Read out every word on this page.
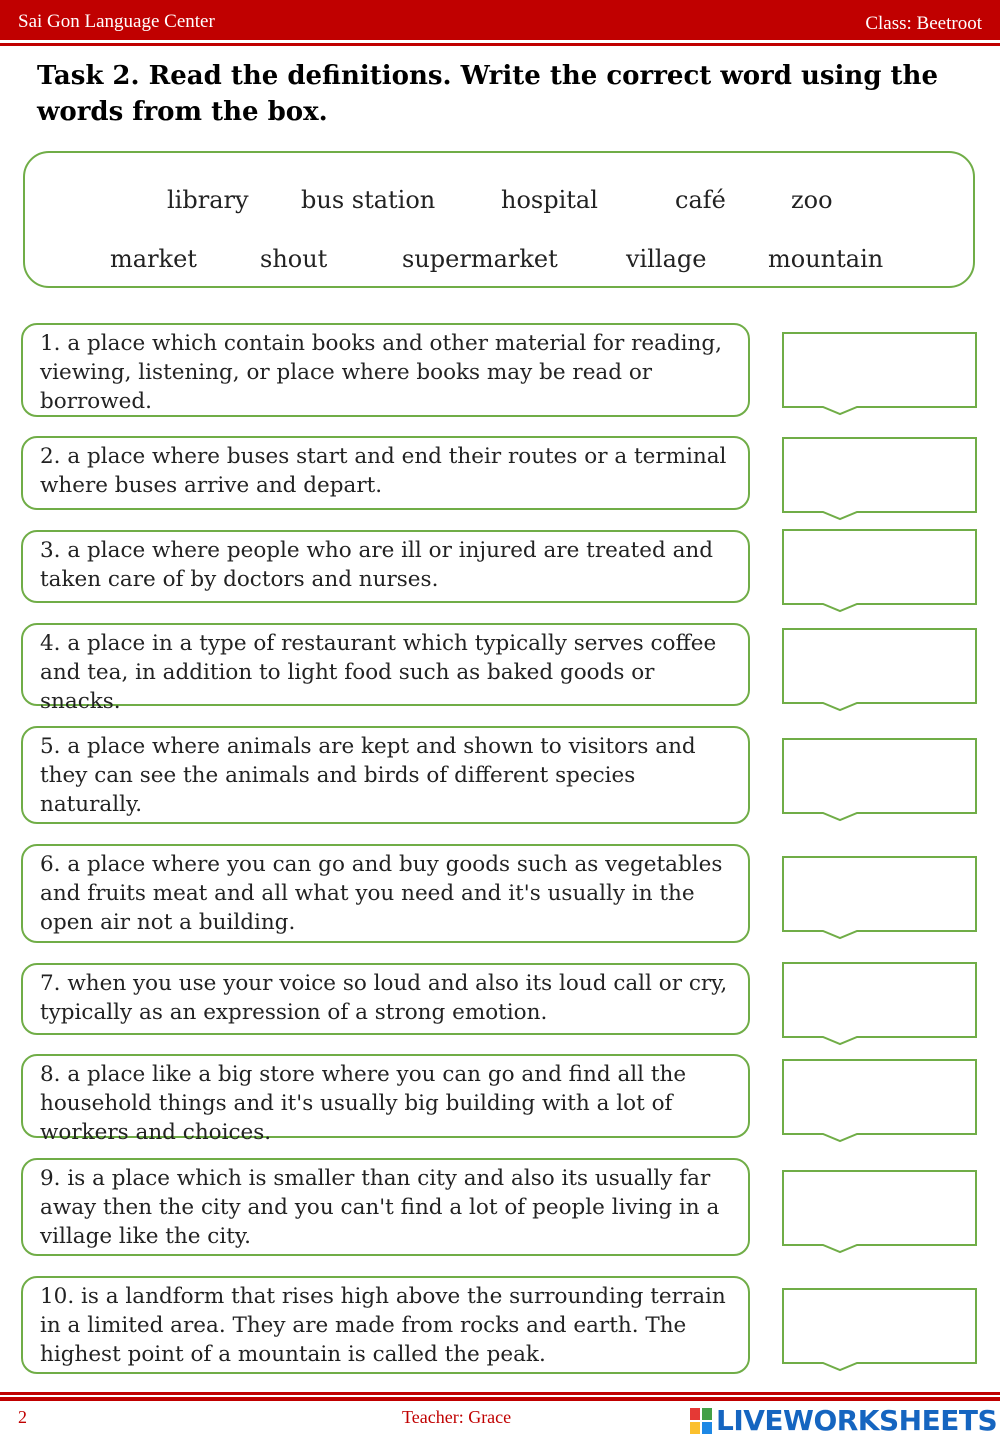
Sai Gon Language Center	Class: Beetroot
Task 2. Read the definitions. Write the correct word using the words from the box.
library bus station	hospital	café	zoo
market	shout	supermarket	village	mountain
1. a place which contain books and other material for reading, viewing, listening, or place where books may be read or borrowed.
2. a place where buses start and end their routes or a terminal where buses arrive and depart.
3. a place where people who are ill or injured are treated and taken care of by doctors and nurses.
4. a place in a type of restaurant which typically serves coffee and tea, in addition to light food such as baked goods or snacks.
5. a place where animals are kept and shown to visitors and they can see the animals and birds of different species naturally.
6. a place where you can go and buy goods such as vegetables and fruits meat and all what you need and it's usually in the open air not a building.
7. when you use your voice so loud and also its loud call or cry, typically as an expression of a strong emotion.
8. a place like a big store where you can go and find all the household things and it's usually big building with a lot of workers and choices.
9. is a place which is smaller than city and also its usually far away then the city and you can't find a lot of people living in a village like the city.
10. is a landform that rises high above the surrounding terrain in a limited area. They are made from rocks and earth. The highest point of a mountain is called the peak.
2	Teacher: Grace	LIVEWORKSHEETS
